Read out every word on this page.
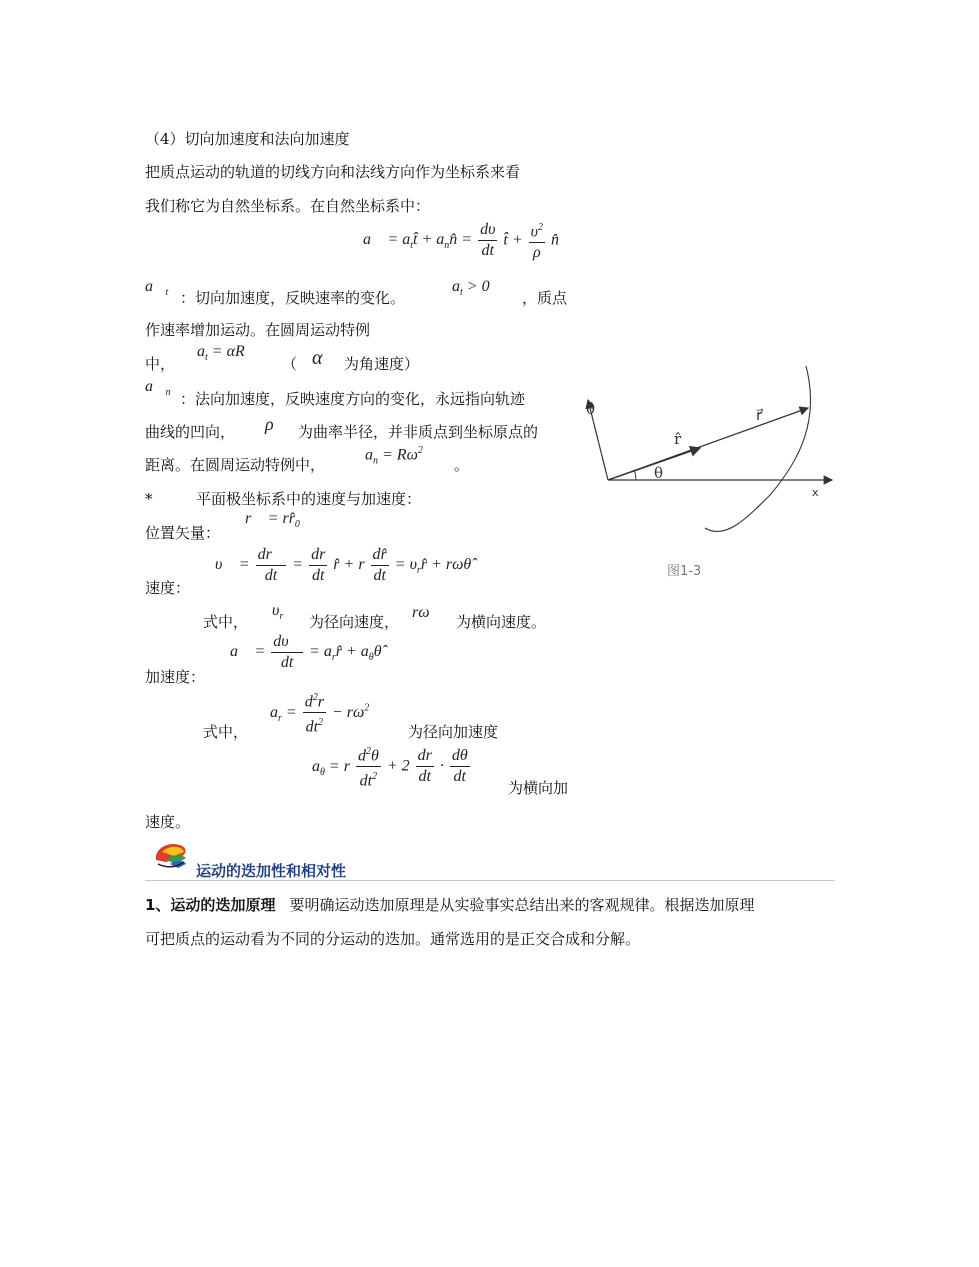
（4）切向加速度和法向加速度
把质点运动的轨道的切线方向和法线方向作为坐标系来看
我们称它为自然坐标系。在自然坐标系中：
a⃗ = $a_tt̂$ + $a_nn̂ = \frac{d\upsilon}{dt}$ t̂ + $\frac{\upsilon^2}{\rho}$ n̂
$a⃗_t$ ：切向加速度，反映速率的变化。
$a_t > 0$
，质点
作速率增加运动。在圆周运动特例
中，
$a_t = \alpha R$
（ α 为角速度）
$a⃗_n$ ：法向加速度，反映速度方向的变化，永远指向轨迹
曲线的凹向， ρ 为曲率半径，并非质点到坐标原点的
距离。在圆周运动特例中，
$a_n = R\omega^2$
。
*	平面极坐标系中的速度与加速度：
位置矢量：
r⃗ = $rr̂_0$
υ⃗ = $\frac{dr⃗}{dt} = \frac{dr}{dt}$ r̂ + r $\frac{dr̂}{dt}$ = $\upsilon_rr̂$ + rωθ̂
速度：
式中，
$\upsilon_r$ 为径向速度，
rω
为横向速度。
a⃗ = $\frac{d\upsilon⃗}{dt}$ = $a_rr̂$ + $a_\theta\thetâ$
加速度：
$a_r = \frac{d^2r}{dt^2} - r\omega^2$
式中，	为径向加速度
$a_\theta = r \frac{d^2\theta}{dt^2} + 2 \frac{dr}{dt} \cdot \frac{d\theta}{dt}$
为横向加
速度。
θ̂	r⃗
r̂
θ
x
图1-3
运动的迭加性和相对性
1、运动的迭加原理 要明确运动迭加原理是从实验事实总结出来的客观规律。根据迭加原理
可把质点的运动看为不同的分运动的迭加。通常选用的是正交合成和分解。
